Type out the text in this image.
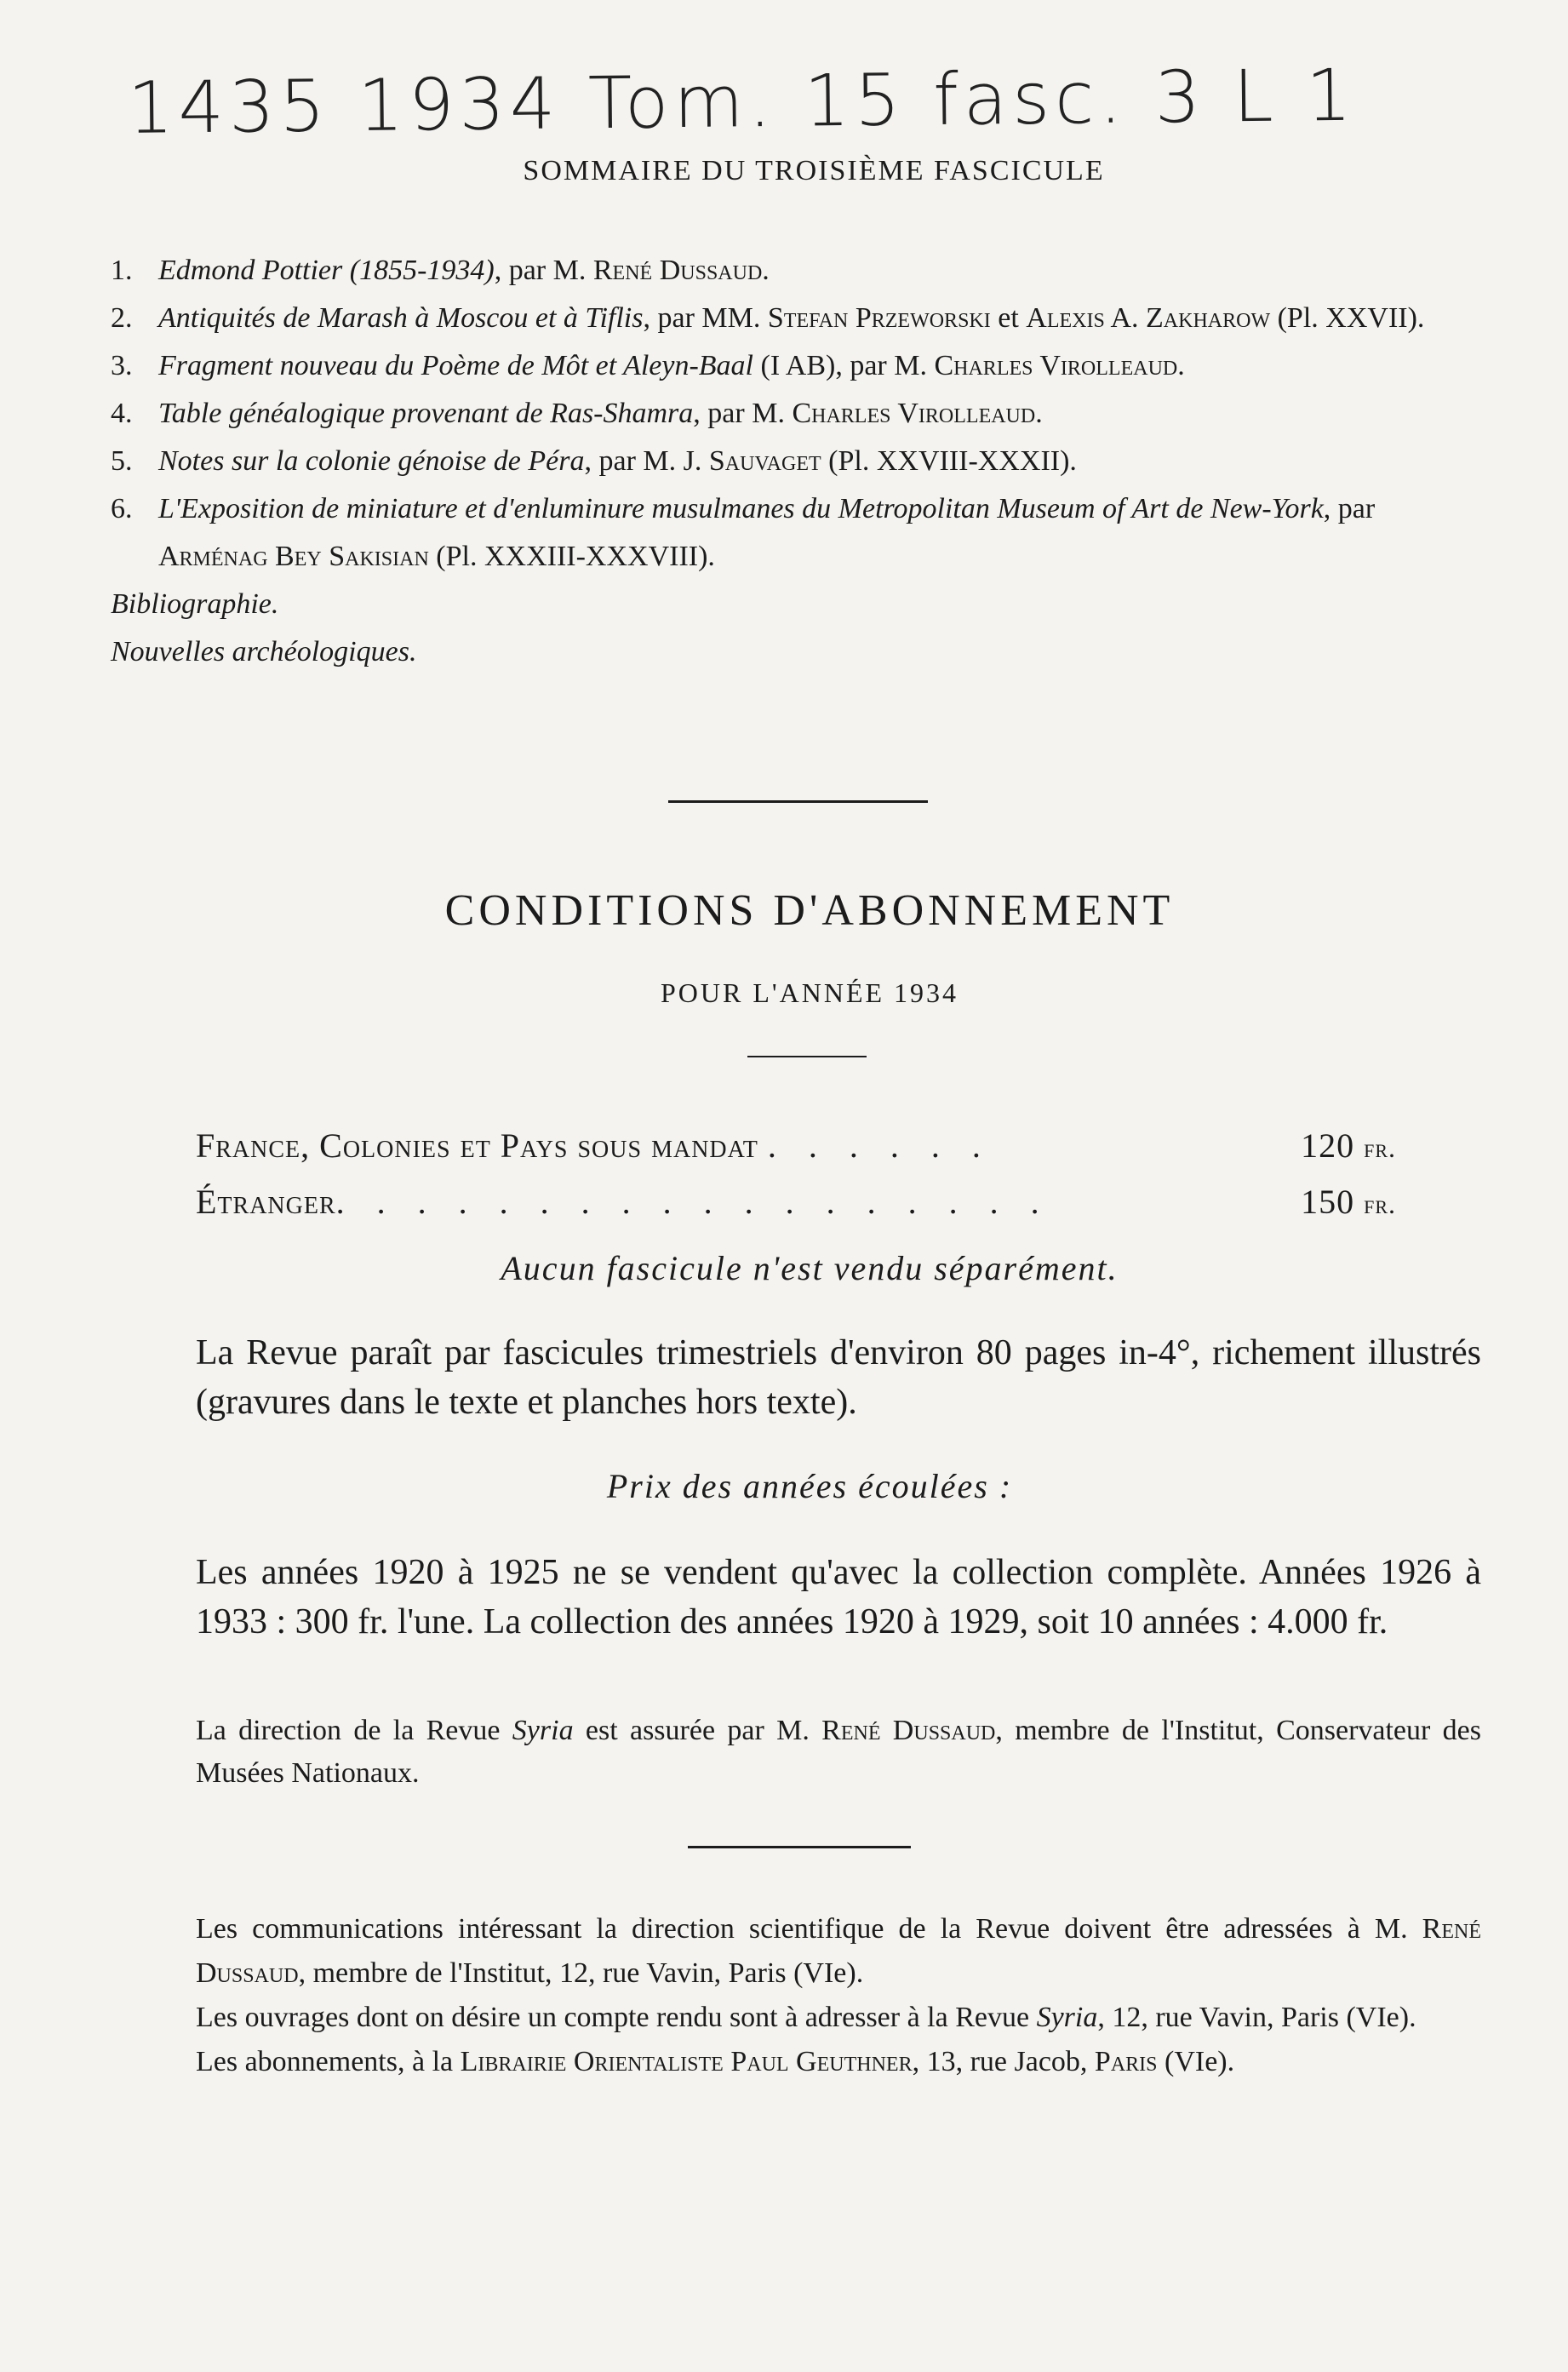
1435 1934 Tom. 15 fasc. 3 L 1
SOMMAIRE DU TROISIÈME FASCICULE
1. Edmond Pottier (1855-1934), par M. René Dussaud.
2. Antiquités de Marash à Moscou et à Tiflis, par MM. Stefan Przeworski et Alexis A. Zakharow (Pl. XXVII).
3. Fragment nouveau du Poème de Môt et Aleyn-Baal (I AB), par M. Charles Virolleaud.
4. Table généalogique provenant de Ras-Shamra, par M. Charles Virolleaud.
5. Notes sur la colonie génoise de Péra, par M. J. Sauvaget (Pl. XXVIII-XXXII).
6. L'Exposition de miniature et d'enluminure musulmanes du Metropolitan Museum of Art de New-York, par Arménag Bey Sakisian (Pl. XXXIII-XXXVIII).
Bibliographie.
Nouvelles archéologiques.
CONDITIONS D'ABONNEMENT
POUR L'ANNÉE 1934
France, Colonies et Pays sous mandat . . . . . .	120 fr.
Étranger. . . . . . . . . . . . . . . . . .	150 fr.
Aucun fascicule n'est vendu séparément.
La Revue paraît par fascicules trimestriels d'environ 80 pages in-4°, richement illustrés (gravures dans le texte et planches hors texte).
Prix des années écoulées :
Les années 1920 à 1925 ne se vendent qu'avec la collection complète. Années 1926 à 1933 : 300 fr. l'une. La collection des années 1920 à 1929, soit 10 années : 4.000 fr.
La direction de la Revue Syria est assurée par M. René Dussaud, membre de l'Institut, Conservateur des Musées Nationaux.
Les communications intéressant la direction scientifique de la Revue doivent être adressées à M. René Dussaud, membre de l'Institut, 12, rue Vavin, Paris (VIe).
Les ouvrages dont on désire un compte rendu sont à adresser à la Revue Syria, 12, rue Vavin, Paris (VIe).
Les abonnements, à la Librairie Orientaliste Paul Geuthner, 13, rue Jacob, Paris (VIe).
